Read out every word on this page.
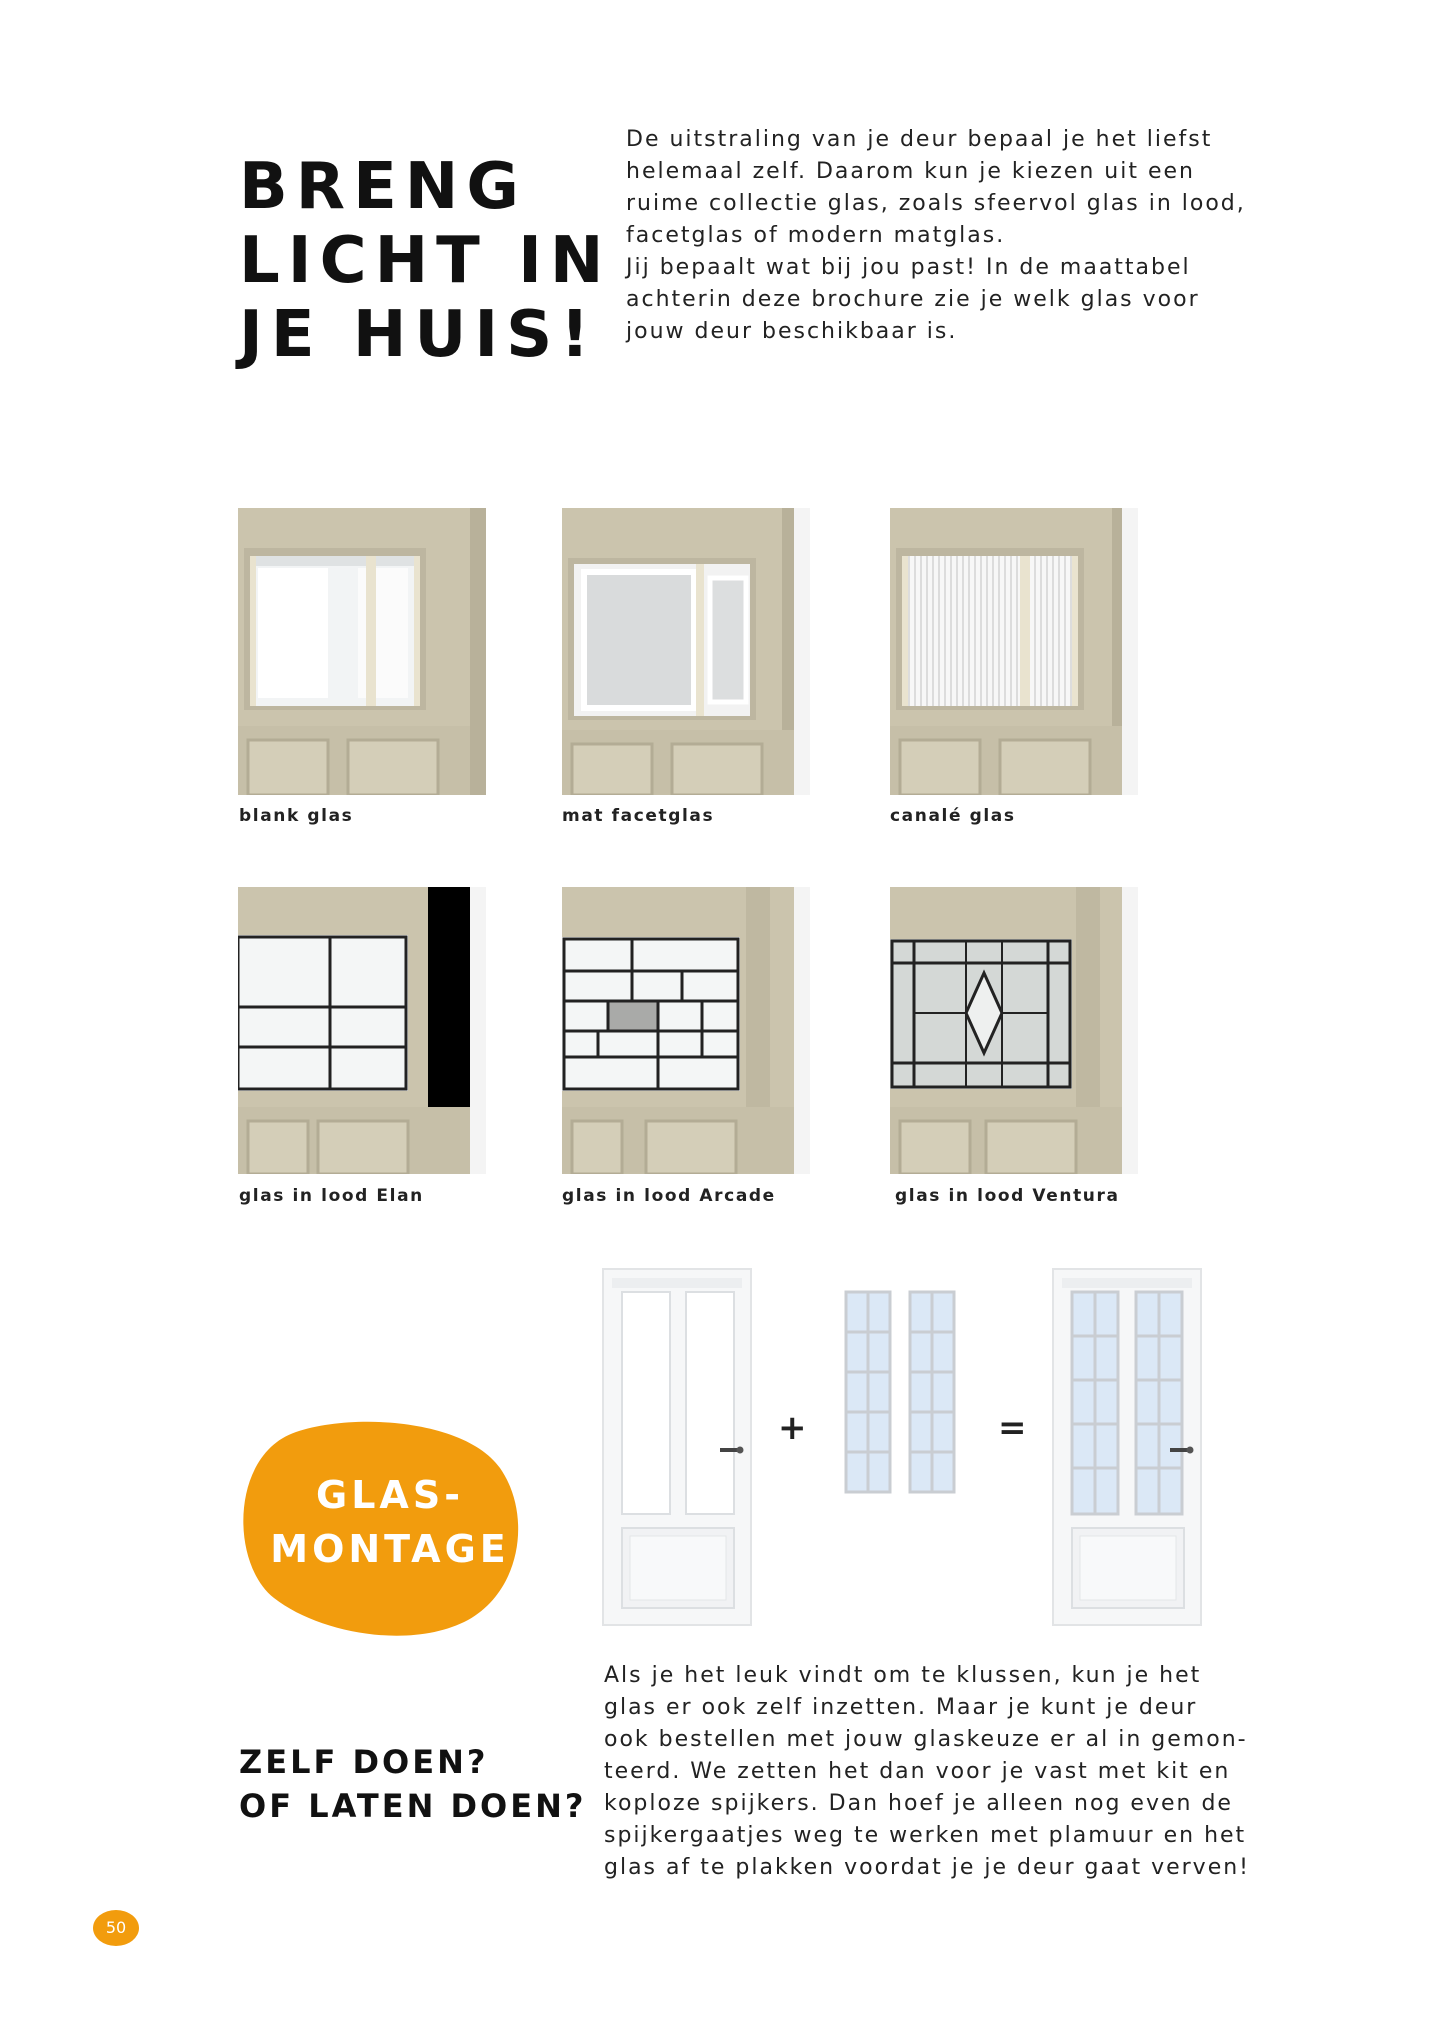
BRENG
LICHT IN
JE HUIS!

De uitstraling van je deur bepaal je het liefst
helemaal zelf. Daarom kun je kiezen uit een
ruime collectie glas, zoals sfeervol glas in lood,
facetglas of modern matglas.
Jij bepaalt wat bij jou past! In de maattabel
achterin deze brochure zie je welk glas voor
jouw deur beschikbaar is.

blank glas	mat facetglas	canalé glas
glas in lood Elan	glas in lood Arcade	glas in lood Ventura
+	=

GLAS-
MONTAGE

ZELF DOEN?
OF LATEN DOEN?

Als je het leuk vindt om te klussen, kun je het
glas er ook zelf inzetten. Maar je kunt je deur
ook bestellen met jouw glaskeuze er al in gemon-
teerd. We zetten het dan voor je vast met kit en
koploze spijkers. Dan hoef je alleen nog even de
spijkergaatjes weg te werken met plamuur en het
glas af te plakken voordat je je deur gaat verven!

50
